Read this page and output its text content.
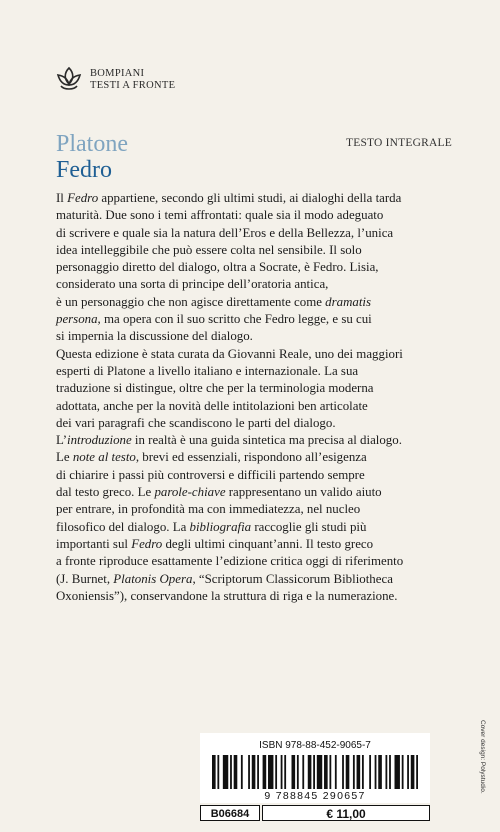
BOMPIANI
TESTI A FRONTE
Platone
Fedro
TESTO INTEGRALE
Il Fedro appartiene, secondo gli ultimi studi, ai dialoghi della tarda
maturità. Due sono i temi affrontati: quale sia il modo adeguato
di scrivere e quale sia la natura dell’Eros e della Bellezza, l’unica
idea intelleggibile che può essere colta nel sensibile. Il solo
personaggio diretto del dialogo, oltra a Socrate, è Fedro. Lisia,
considerato una sorta di principe dell’oratoria antica,
è un personaggio che non agisce direttamente come dramatis
persona, ma opera con il suo scritto che Fedro legge, e su cui
si impernia la discussione del dialogo.
Questa edizione è stata curata da Giovanni Reale, uno dei maggiori
esperti di Platone a livello italiano e internazionale. La sua
traduzione si distingue, oltre che per la terminologia moderna
adottata, anche per la novità delle intitolazioni ben articolate
dei vari paragrafi che scandiscono le parti del dialogo.
L’introduzione in realtà è una guida sintetica ma precisa al dialogo.
Le note al testo, brevi ed essenziali, rispondono all’esigenza
di chiarire i passi più controversi e difficili partendo sempre
dal testo greco. Le parole-chiave rappresentano un valido aiuto
per entrare, in profondità ma con immediatezza, nel nucleo
filosofico del dialogo. La bibliografia raccoglie gli studi più
importanti sul Fedro degli ultimi cinquant’anni. Il testo greco
a fronte riproduce esattamente l’edizione critica oggi di riferimento
(J. Burnet, Platonis Opera, “Scriptorum Classicorum Bibliotheca
Oxoniensis”), conservandone la struttura di riga e la numerazione.
ISBN 978-88-452-9065-7
9 788845 290657
B06684	€ 11,00
Cover design: Polystudio.
